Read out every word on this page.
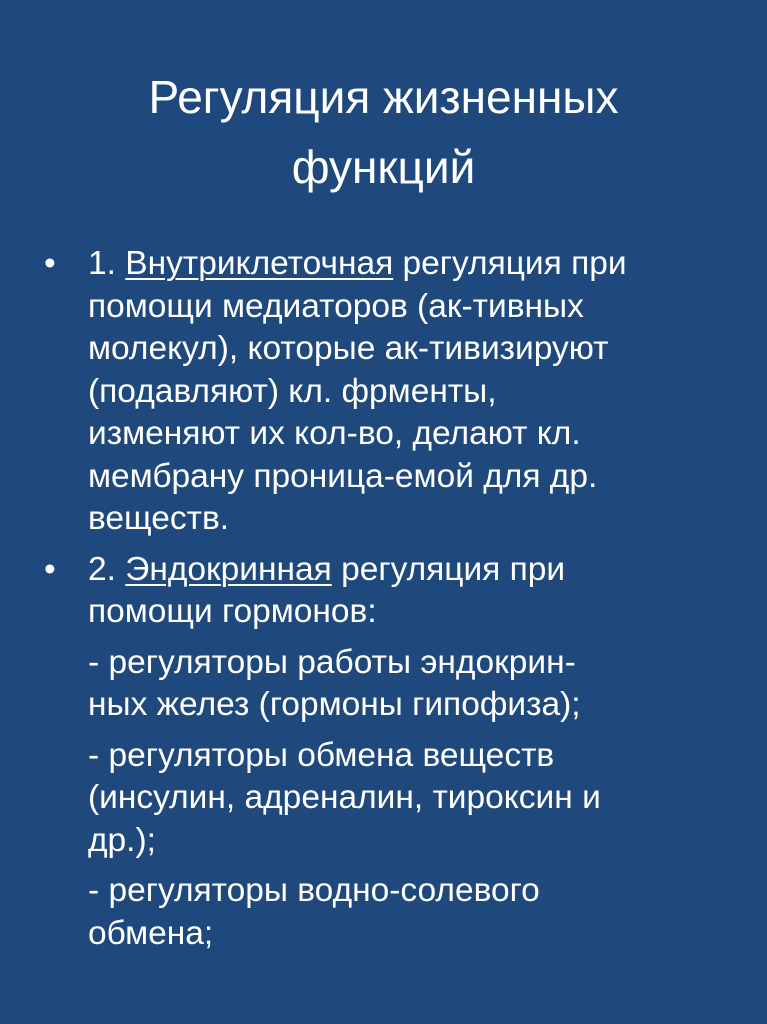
Регуляция жизненных
функций
• 1. Внутриклеточная регуляция при
помощи медиаторов (ак-тивных
молекул), которые ак-тивизируют
(подавляют) кл. фрменты,
изменяют их кол-во, делают кл.
мембрану проница-емой для др.
веществ.
• 2. Эндокринная регуляция при
помощи гормонов:
- регуляторы работы эндокрин-
ных желез (гормоны гипофиза);
- регуляторы обмена веществ
(инсулин, адреналин, тироксин и
др.);
- регуляторы водно-солевого
обмена;
